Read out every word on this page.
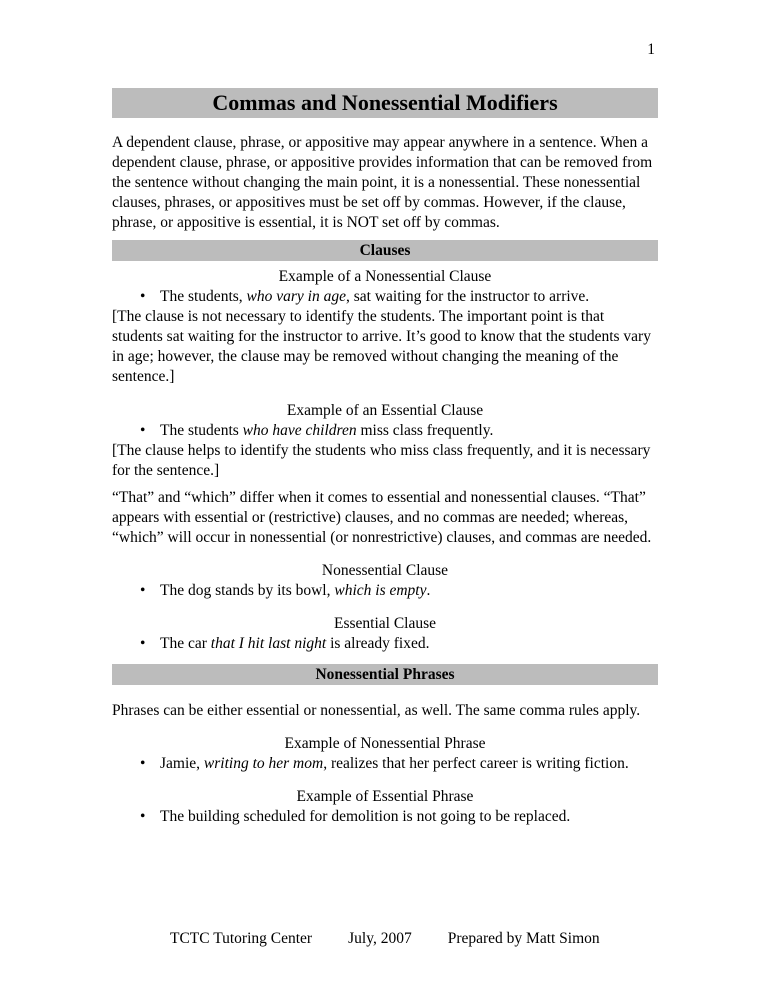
1
Commas and Nonessential Modifiers

A dependent clause, phrase, or appositive may appear anywhere in a sentence. When a dependent clause, phrase, or appositive provides information that can be removed from the sentence without changing the main point, it is a nonessential. These nonessential clauses, phrases, or appositives must be set off by commas. However, if the clause, phrase, or appositive is essential, it is NOT set off by commas.

Clauses
Example of a Nonessential Clause
• The students, who vary in age, sat waiting for the instructor to arrive.

[The clause is not necessary to identify the students. The important point is that students sat waiting for the instructor to arrive. It’s good to know that the students vary in age; however, the clause may be removed without changing the meaning of the sentence.]

Example of an Essential Clause
• The students who have children miss class frequently.

[The clause helps to identify the students who miss class frequently, and it is necessary for the sentence.]

“That” and “which” differ when it comes to essential and nonessential clauses. “That” appears with essential or (restrictive) clauses, and no commas are needed; whereas, “which” will occur in nonessential (or nonrestrictive) clauses, and commas are needed.

Nonessential Clause
• The dog stands by its bowl, which is empty.
Essential Clause
• The car that I hit last night is already fixed.
Nonessential Phrases

Phrases can be either essential or nonessential, as well. The same comma rules apply.

Example of Nonessential Phrase
• Jamie, writing to her mom, realizes that her perfect career is writing fiction.
Example of Essential Phrase
• The building scheduled for demolition is not going to be replaced.
TCTC Tutoring Center July, 2007 Prepared by Matt Simon
